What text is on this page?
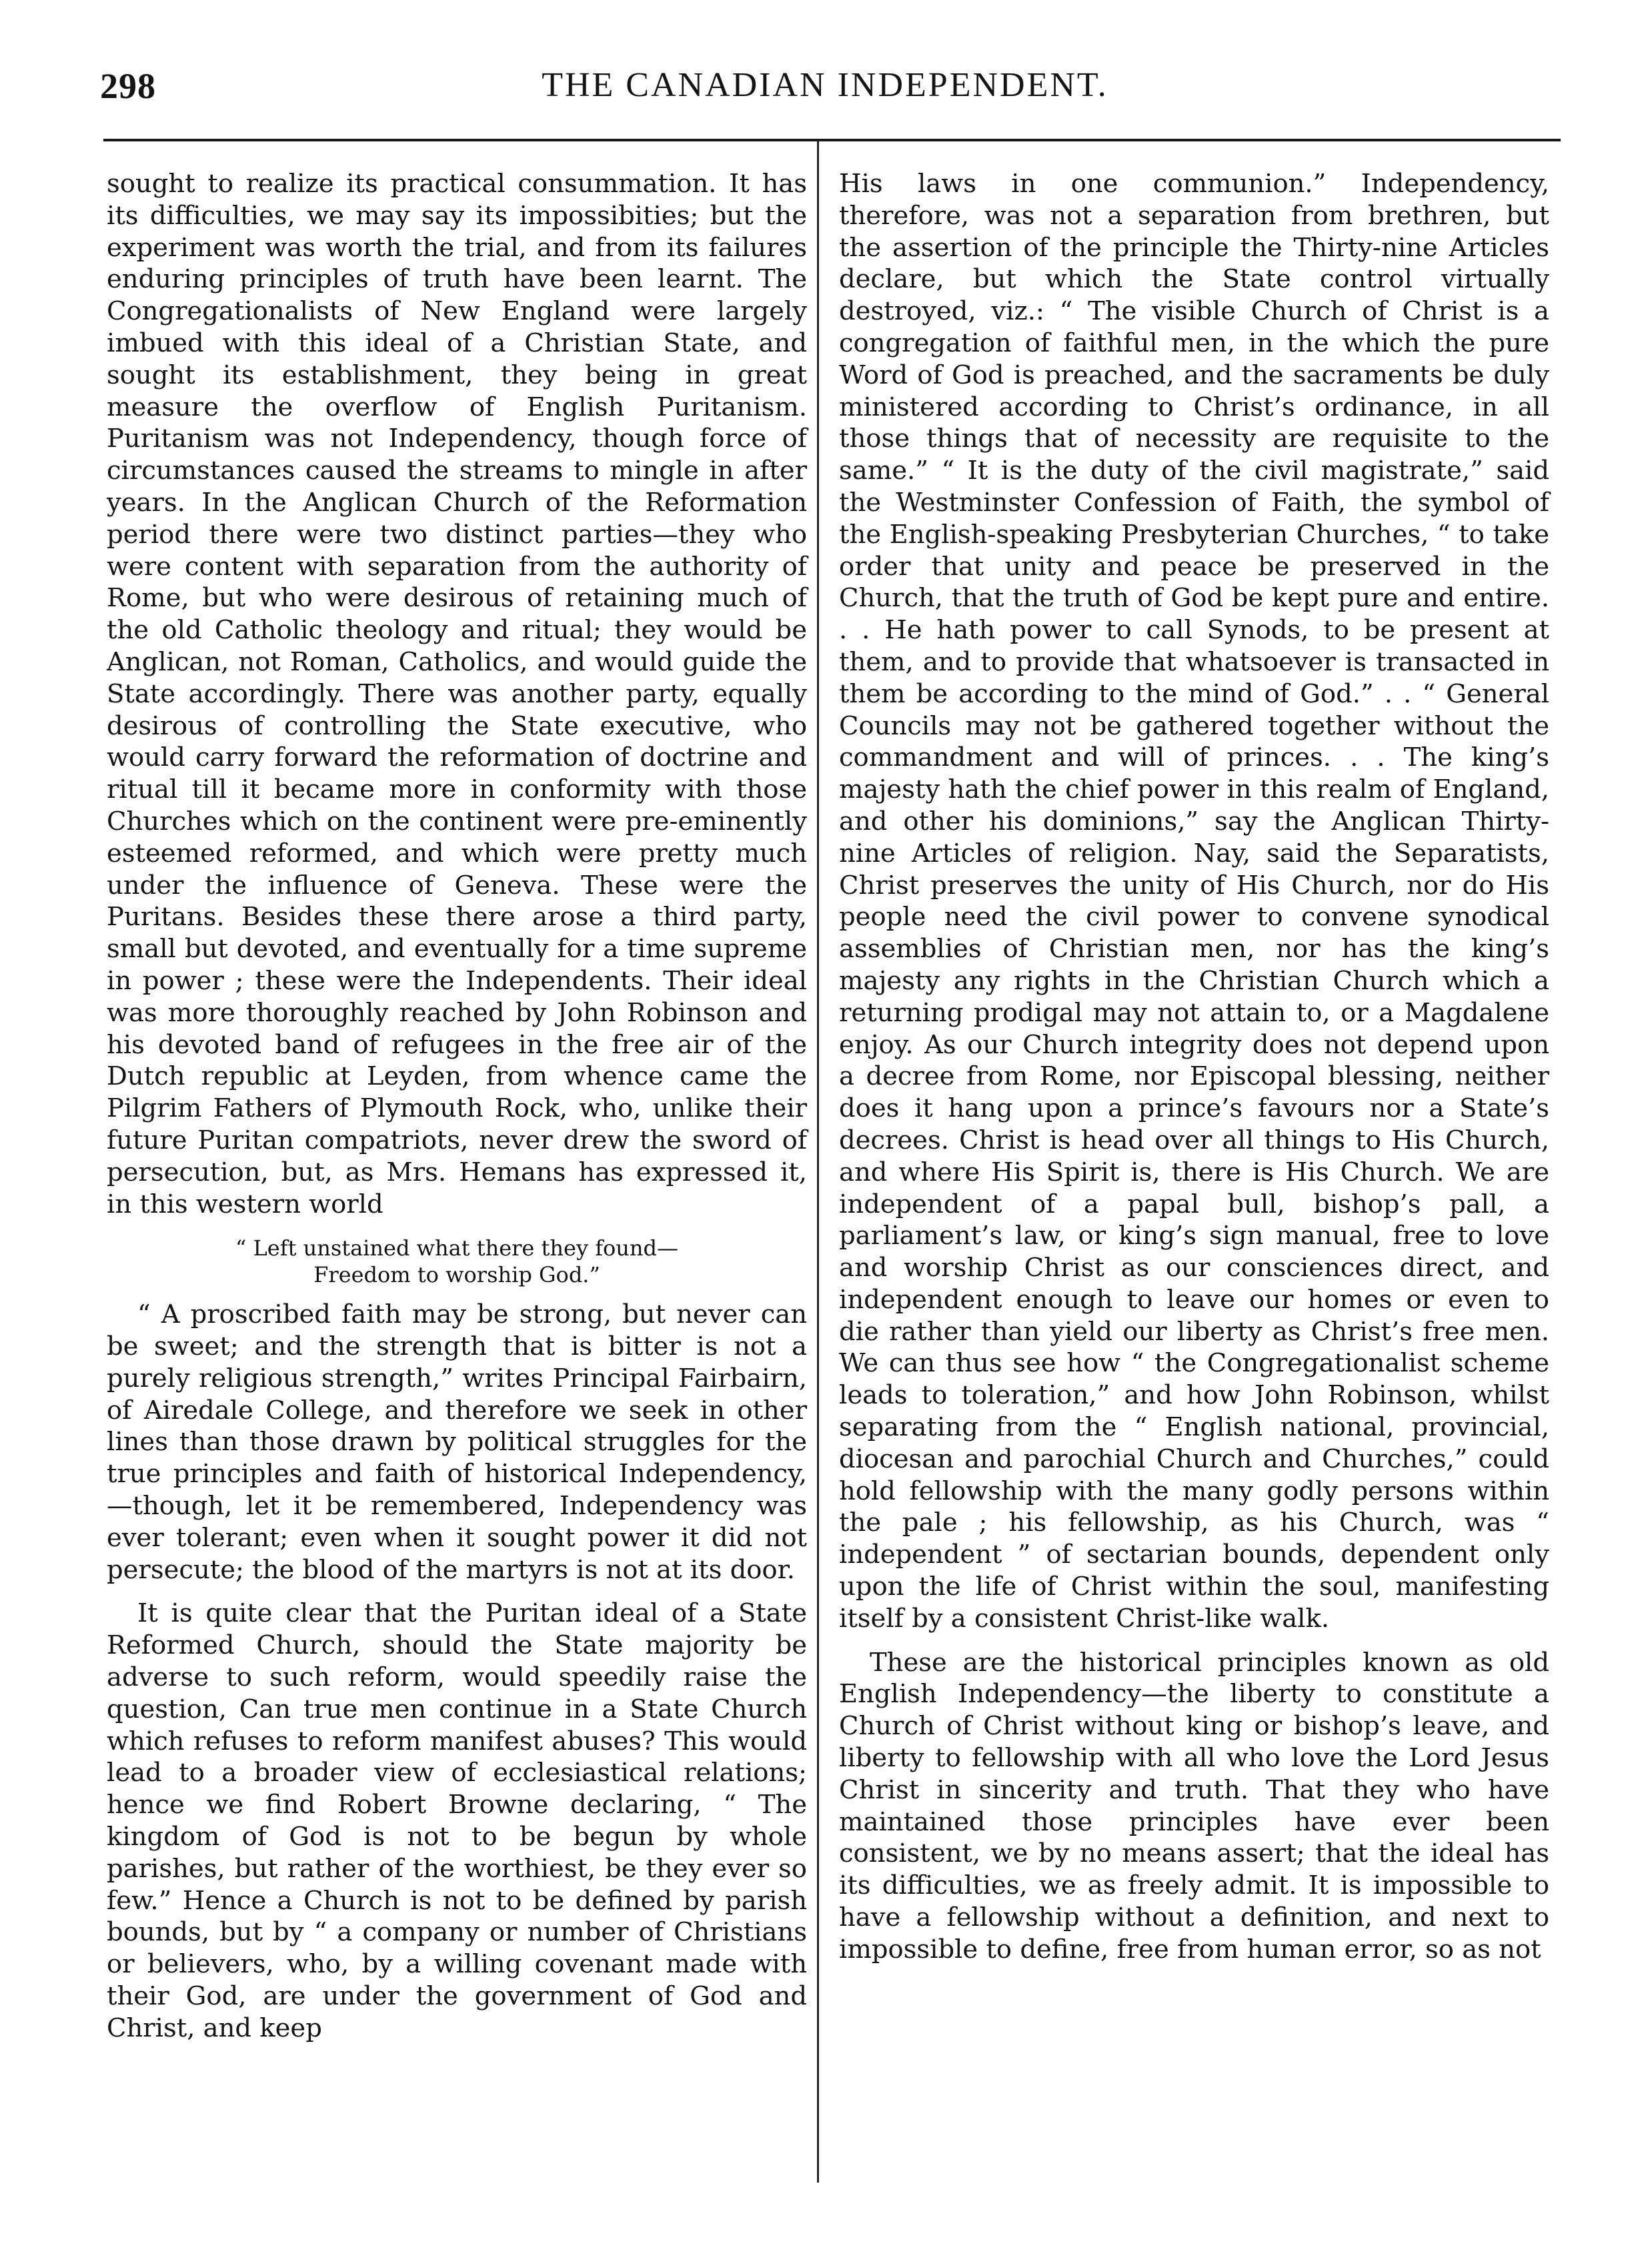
298	THE CANADIAN INDEPENDENT.

sought to realize its practical consummation. It has its difficulties, we may say its impossibities; but the experiment was worth the trial, and from its failures enduring principles of truth have been learnt. The Congregationalists of New England were largely imbued with this ideal of a Christian State, and sought its establishment, they being in great measure the overflow of English Puritanism. Puritanism was not Independency, though force of circumstances caused the streams to mingle in after years. In the Anglican Church of the Reformation period there were two distinct parties—they who were content with separation from the authority of Rome, but who were desirous of retaining much of the old Catholic theology and ritual; they would be Anglican, not Roman, Catholics, and would guide the State accordingly. There was another party, equally desirous of controlling the State executive, who would carry forward the reformation of doctrine and ritual till it became more in conformity with those Churches which on the continent were pre-eminently esteemed reformed, and which were pretty much under the influence of Geneva. These were the Puritans. Besides these there arose a third party, small but devoted, and eventually for a time supreme in power ; these were the Independents. Their ideal was more thoroughly reached by John Robinson and his devoted band of refugees in the free air of the Dutch republic at Leyden, from whence came the Pilgrim Fathers of Plymouth Rock, who, unlike their future Puritan compatriots, never drew the sword of persecution, but, as Mrs. Hemans has expressed it, in this western world

“ Left unstained what there they found—
Freedom to worship God.”

“ A proscribed faith may be strong, but never can be sweet; and the strength that is bitter is not a purely religious strength,” writes Principal Fairbairn, of Airedale College, and therefore we seek in other lines than those drawn by political struggles for the true principles and faith of historical Independency,—though, let it be remembered, Independency was ever tolerant; even when it sought power it did not persecute; the blood of the martyrs is not at its door.

It is quite clear that the Puritan ideal of a State Reformed Church, should the State majority be adverse to such reform, would speedily raise the question, Can true men continue in a State Church which refuses to reform manifest abuses? This would lead to a broader view of ecclesiastical relations; hence we find Robert Browne declaring, “ The kingdom of God is not to be begun by whole parishes, but rather of the worthiest, be they ever so few.” Hence a Church is not to be defined by parish bounds, but by “ a company or number of Christians or believers, who, by a willing covenant made with their God, are under the government of God and Christ, and keep

His laws in one communion.” Independency, therefore, was not a separation from brethren, but the assertion of the principle the Thirty-nine Articles declare, but which the State control virtually destroyed, viz.: “ The visible Church of Christ is a congregation of faithful men, in the which the pure Word of God is preached, and the sacraments be duly ministered according to Christ’s ordinance, in all those things that of necessity are requisite to the same.” “ It is the duty of the civil magistrate,” said the Westminster Confession of Faith, the symbol of the English-speaking Presbyterian Churches, “ to take order that unity and peace be preserved in the Church, that the truth of God be kept pure and entire. . . He hath power to call Synods, to be present at them, and to provide that whatsoever is transacted in them be according to the mind of God.” . . “ General Councils may not be gathered together without the commandment and will of princes. . . The king’s majesty hath the chief power in this realm of England, and other his dominions,” say the Anglican Thirty-nine Articles of religion. Nay, said the Separatists, Christ preserves the unity of His Church, nor do His people need the civil power to convene synodical assemblies of Christian men, nor has the king’s majesty any rights in the Christian Church which a returning prodigal may not attain to, or a Magdalene enjoy. As our Church integrity does not depend upon a decree from Rome, nor Episcopal blessing, neither does it hang upon a prince’s favours nor a State’s decrees. Christ is head over all things to His Church, and where His Spirit is, there is His Church. We are independent of a papal bull, bishop’s pall, a parliament’s law, or king’s sign manual, free to love and worship Christ as our consciences direct, and independent enough to leave our homes or even to die rather than yield our liberty as Christ’s free men. We can thus see how “ the Congregationalist scheme leads to toleration,” and how John Robinson, whilst separating from the “ English national, provincial, diocesan and parochial Church and Churches,” could hold fellowship with the many godly persons within the pale ; his fellowship, as his Church, was “ independent ” of sectarian bounds, dependent only upon the life of Christ within the soul, manifesting itself by a consistent Christ-like walk.

These are the historical principles known as old English Independency—the liberty to constitute a Church of Christ without king or bishop’s leave, and liberty to fellowship with all who love the Lord Jesus Christ in sincerity and truth. That they who have maintained those principles have ever been consistent, we by no means assert; that the ideal has its difficulties, we as freely admit. It is impossible to have a fellowship without a definition, and next to impossible to define, free from human error, so as not
